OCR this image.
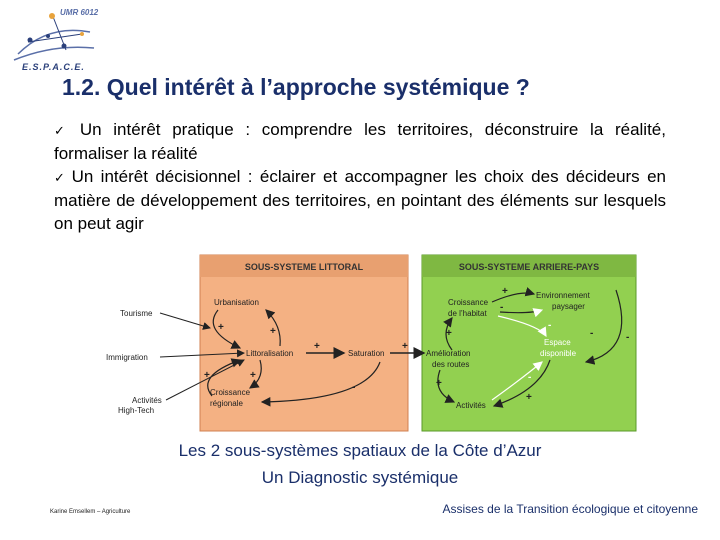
UMR 6012
E.S.P.A.C.E.
1.2. Quel intérêt à l’approche systémique ?

✓ Un intérêt pratique : comprendre les territoires, déconstruire la réalité, formaliser la réalité

✓ Un intérêt décisionnel : éclairer et accompagner les choix des décideurs en matière de développement des territoires, en pointant des éléments sur lesquels on peut agir

SOUS-SYSTEME LITTORAL	SOUS-SYSTEME ARRIERE-PAYS
Tourisme
Immigration
Activités
High-Tech
Urbanisation
Littoralisation	Saturation
Croissance
régionale
Croissance
de l’habitat
Environnement
paysager
Amélioration
des routes
Espace
disponible
Activités
+	+
+
+
+
-
+
+
-
+
-
-
+
-
+
-
Les 2 sous-systèmes spatiaux de la Côte d’Azur
Un Diagnostic systémique
Karine Emsellem – Agriculture	Assises de la Transition écologique et citoyenne
